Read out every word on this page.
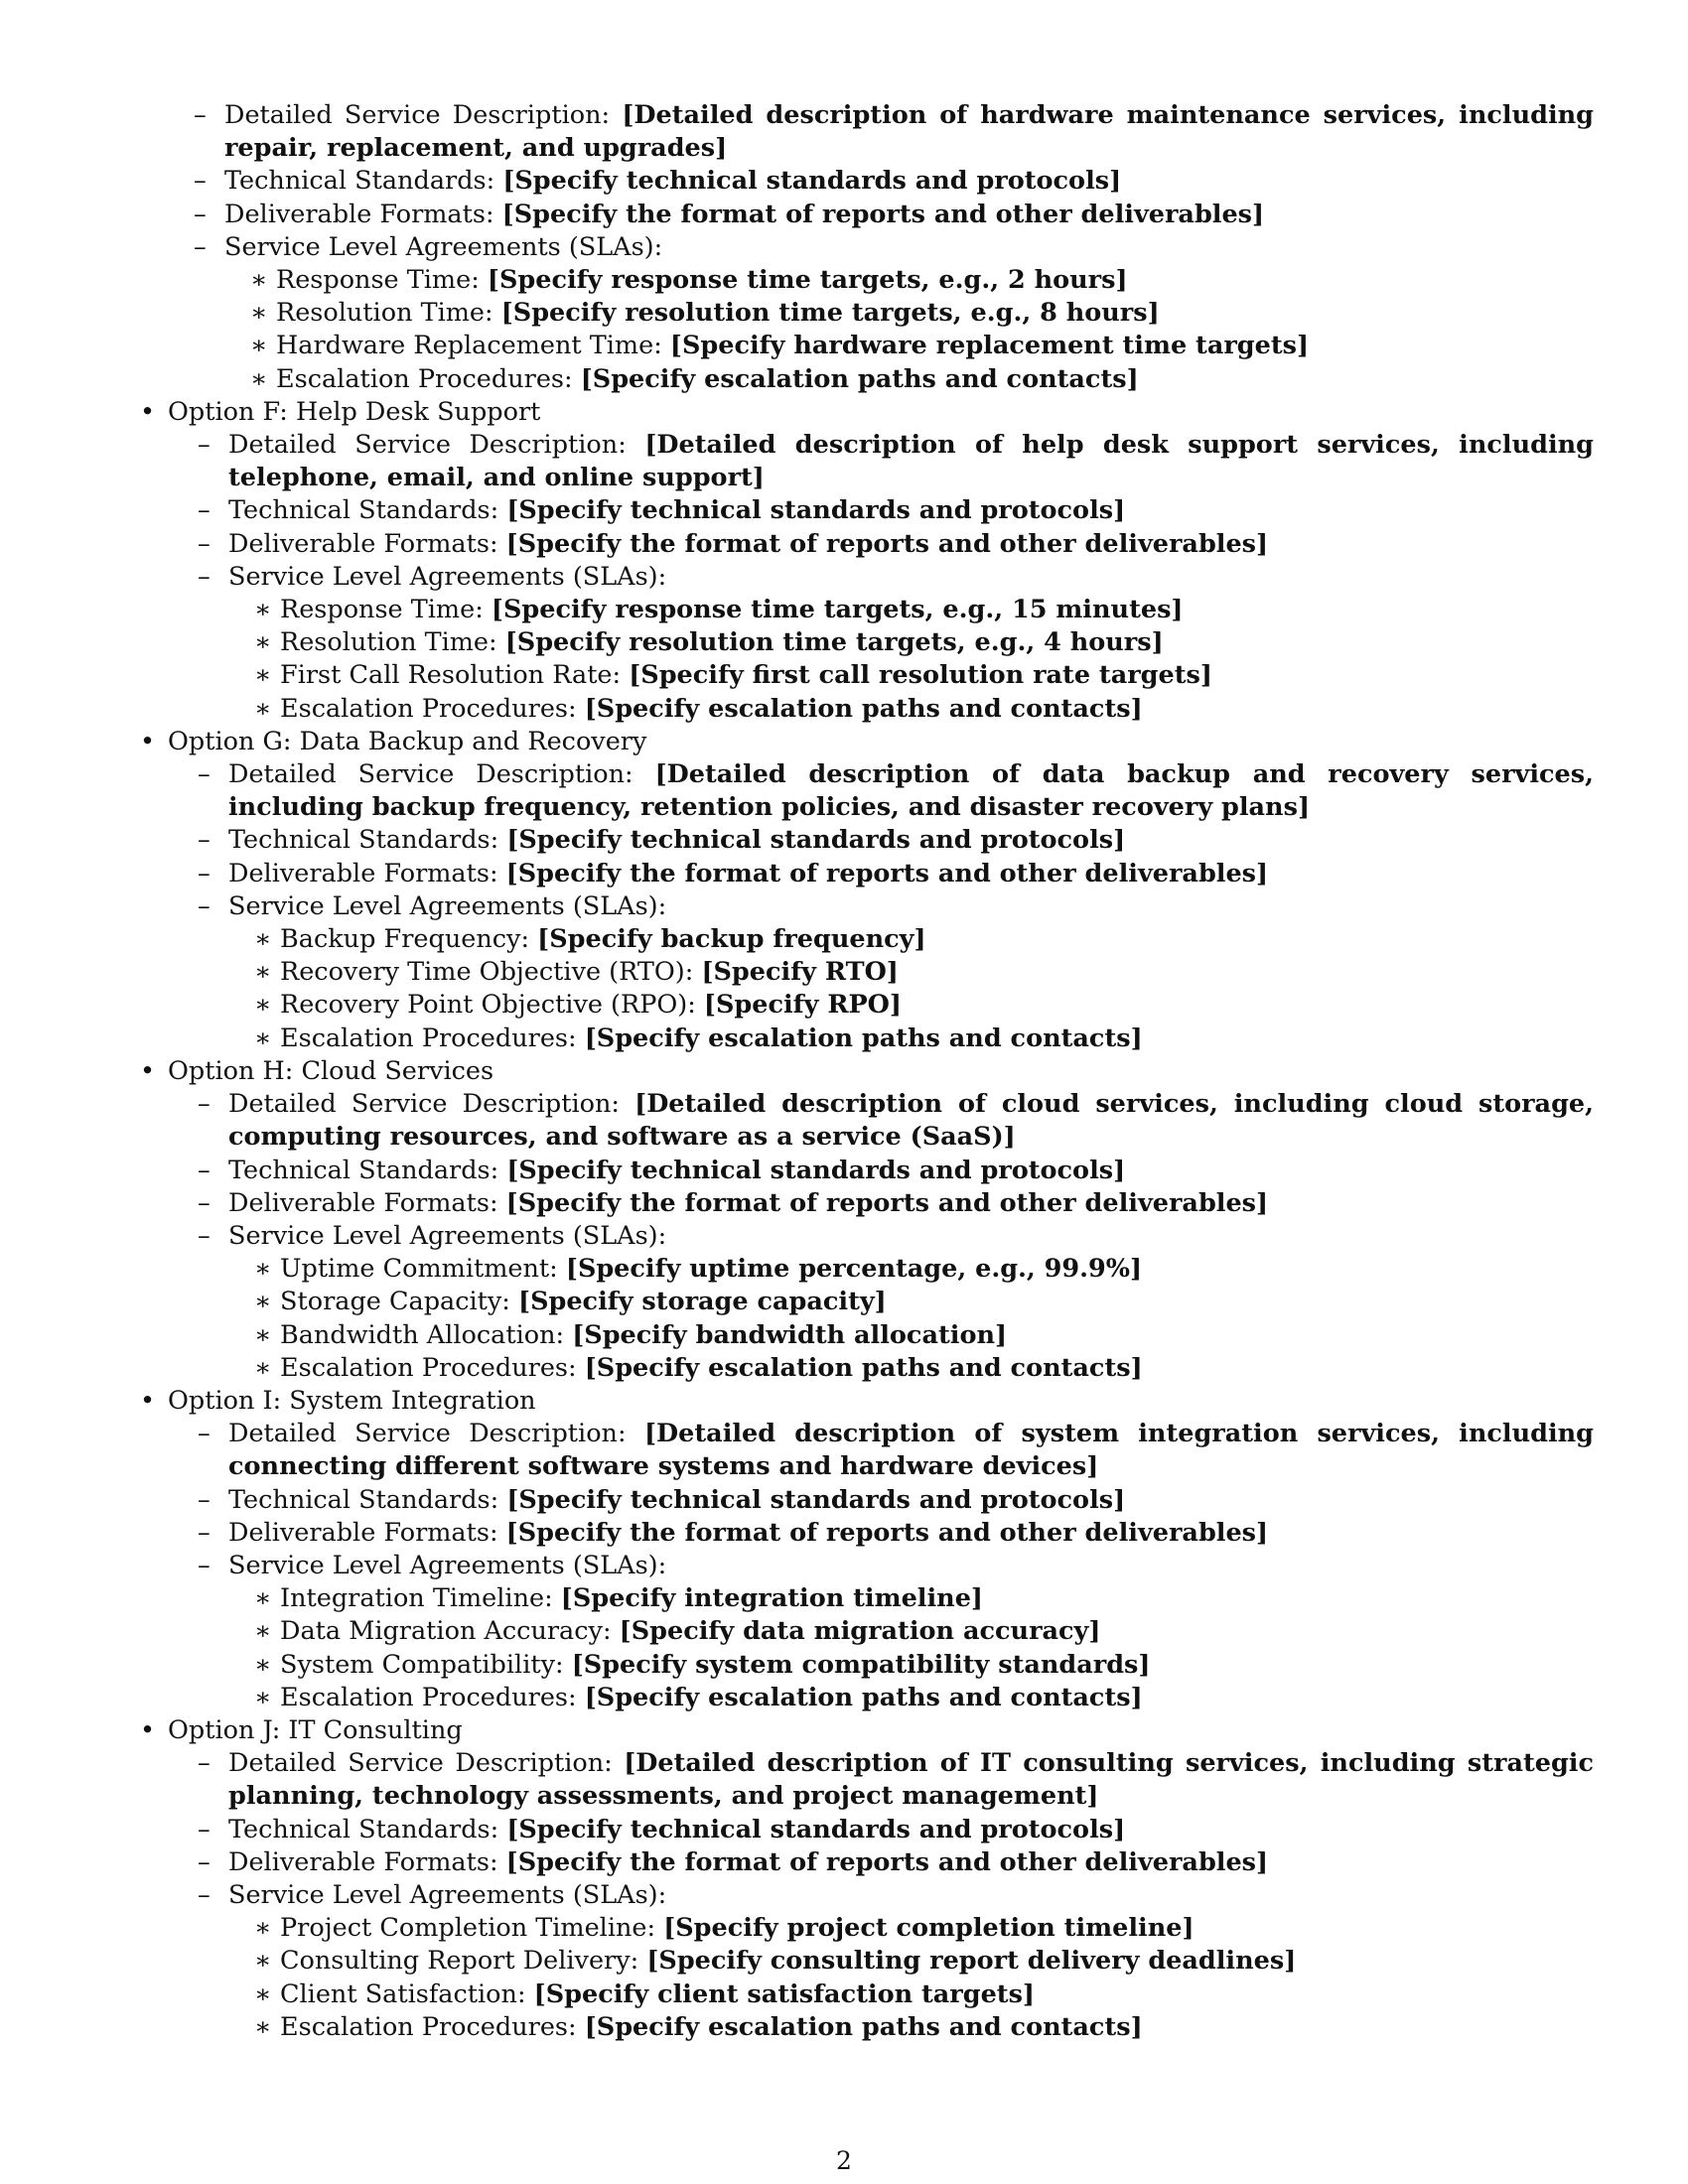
– Detailed Service Description: [Detailed description of hardware maintenance services, including repair, replacement, and upgrades]
– Technical Standards: [Specify technical standards and protocols]
– Deliverable Formats: [Specify the format of reports and other deliverables]
– Service Level Agreements (SLAs):
∗ Response Time: [Specify response time targets, e.g., 2 hours]
∗ Resolution Time: [Specify resolution time targets, e.g., 8 hours]
∗ Hardware Replacement Time: [Specify hardware replacement time targets]
∗ Escalation Procedures: [Specify escalation paths and contacts]
• Option F: Help Desk Support
– Detailed Service Description: [Detailed description of help desk support services, including telephone, email, and online support]
– Technical Standards: [Specify technical standards and protocols]
– Deliverable Formats: [Specify the format of reports and other deliverables]
– Service Level Agreements (SLAs):
∗ Response Time: [Specify response time targets, e.g., 15 minutes]
∗ Resolution Time: [Specify resolution time targets, e.g., 4 hours]
∗ First Call Resolution Rate: [Specify first call resolution rate targets]
∗ Escalation Procedures: [Specify escalation paths and contacts]
• Option G: Data Backup and Recovery
– Detailed Service Description: [Detailed description of data backup and recovery services, including backup frequency, retention policies, and disaster recovery plans]
– Technical Standards: [Specify technical standards and protocols]
– Deliverable Formats: [Specify the format of reports and other deliverables]
– Service Level Agreements (SLAs):
∗ Backup Frequency: [Specify backup frequency]
∗ Recovery Time Objective (RTO): [Specify RTO]
∗ Recovery Point Objective (RPO): [Specify RPO]
∗ Escalation Procedures: [Specify escalation paths and contacts]
• Option H: Cloud Services
– Detailed Service Description: [Detailed description of cloud services, including cloud storage, computing resources, and software as a service (SaaS)]
– Technical Standards: [Specify technical standards and protocols]
– Deliverable Formats: [Specify the format of reports and other deliverables]
– Service Level Agreements (SLAs):
∗ Uptime Commitment: [Specify uptime percentage, e.g., 99.9%]
∗ Storage Capacity: [Specify storage capacity]
∗ Bandwidth Allocation: [Specify bandwidth allocation]
∗ Escalation Procedures: [Specify escalation paths and contacts]
• Option I: System Integration
– Detailed Service Description: [Detailed description of system integration services, including connecting different software systems and hardware devices]
– Technical Standards: [Specify technical standards and protocols]
– Deliverable Formats: [Specify the format of reports and other deliverables]
– Service Level Agreements (SLAs):
∗ Integration Timeline: [Specify integration timeline]
∗ Data Migration Accuracy: [Specify data migration accuracy]
∗ System Compatibility: [Specify system compatibility standards]
∗ Escalation Procedures: [Specify escalation paths and contacts]
• Option J: IT Consulting
– Detailed Service Description: [Detailed description of IT consulting services, including strategic planning, technology assessments, and project management]
– Technical Standards: [Specify technical standards and protocols]
– Deliverable Formats: [Specify the format of reports and other deliverables]
– Service Level Agreements (SLAs):
∗ Project Completion Timeline: [Specify project completion timeline]
∗ Consulting Report Delivery: [Specify consulting report delivery deadlines]
∗ Client Satisfaction: [Specify client satisfaction targets]
∗ Escalation Procedures: [Specify escalation paths and contacts]
2
